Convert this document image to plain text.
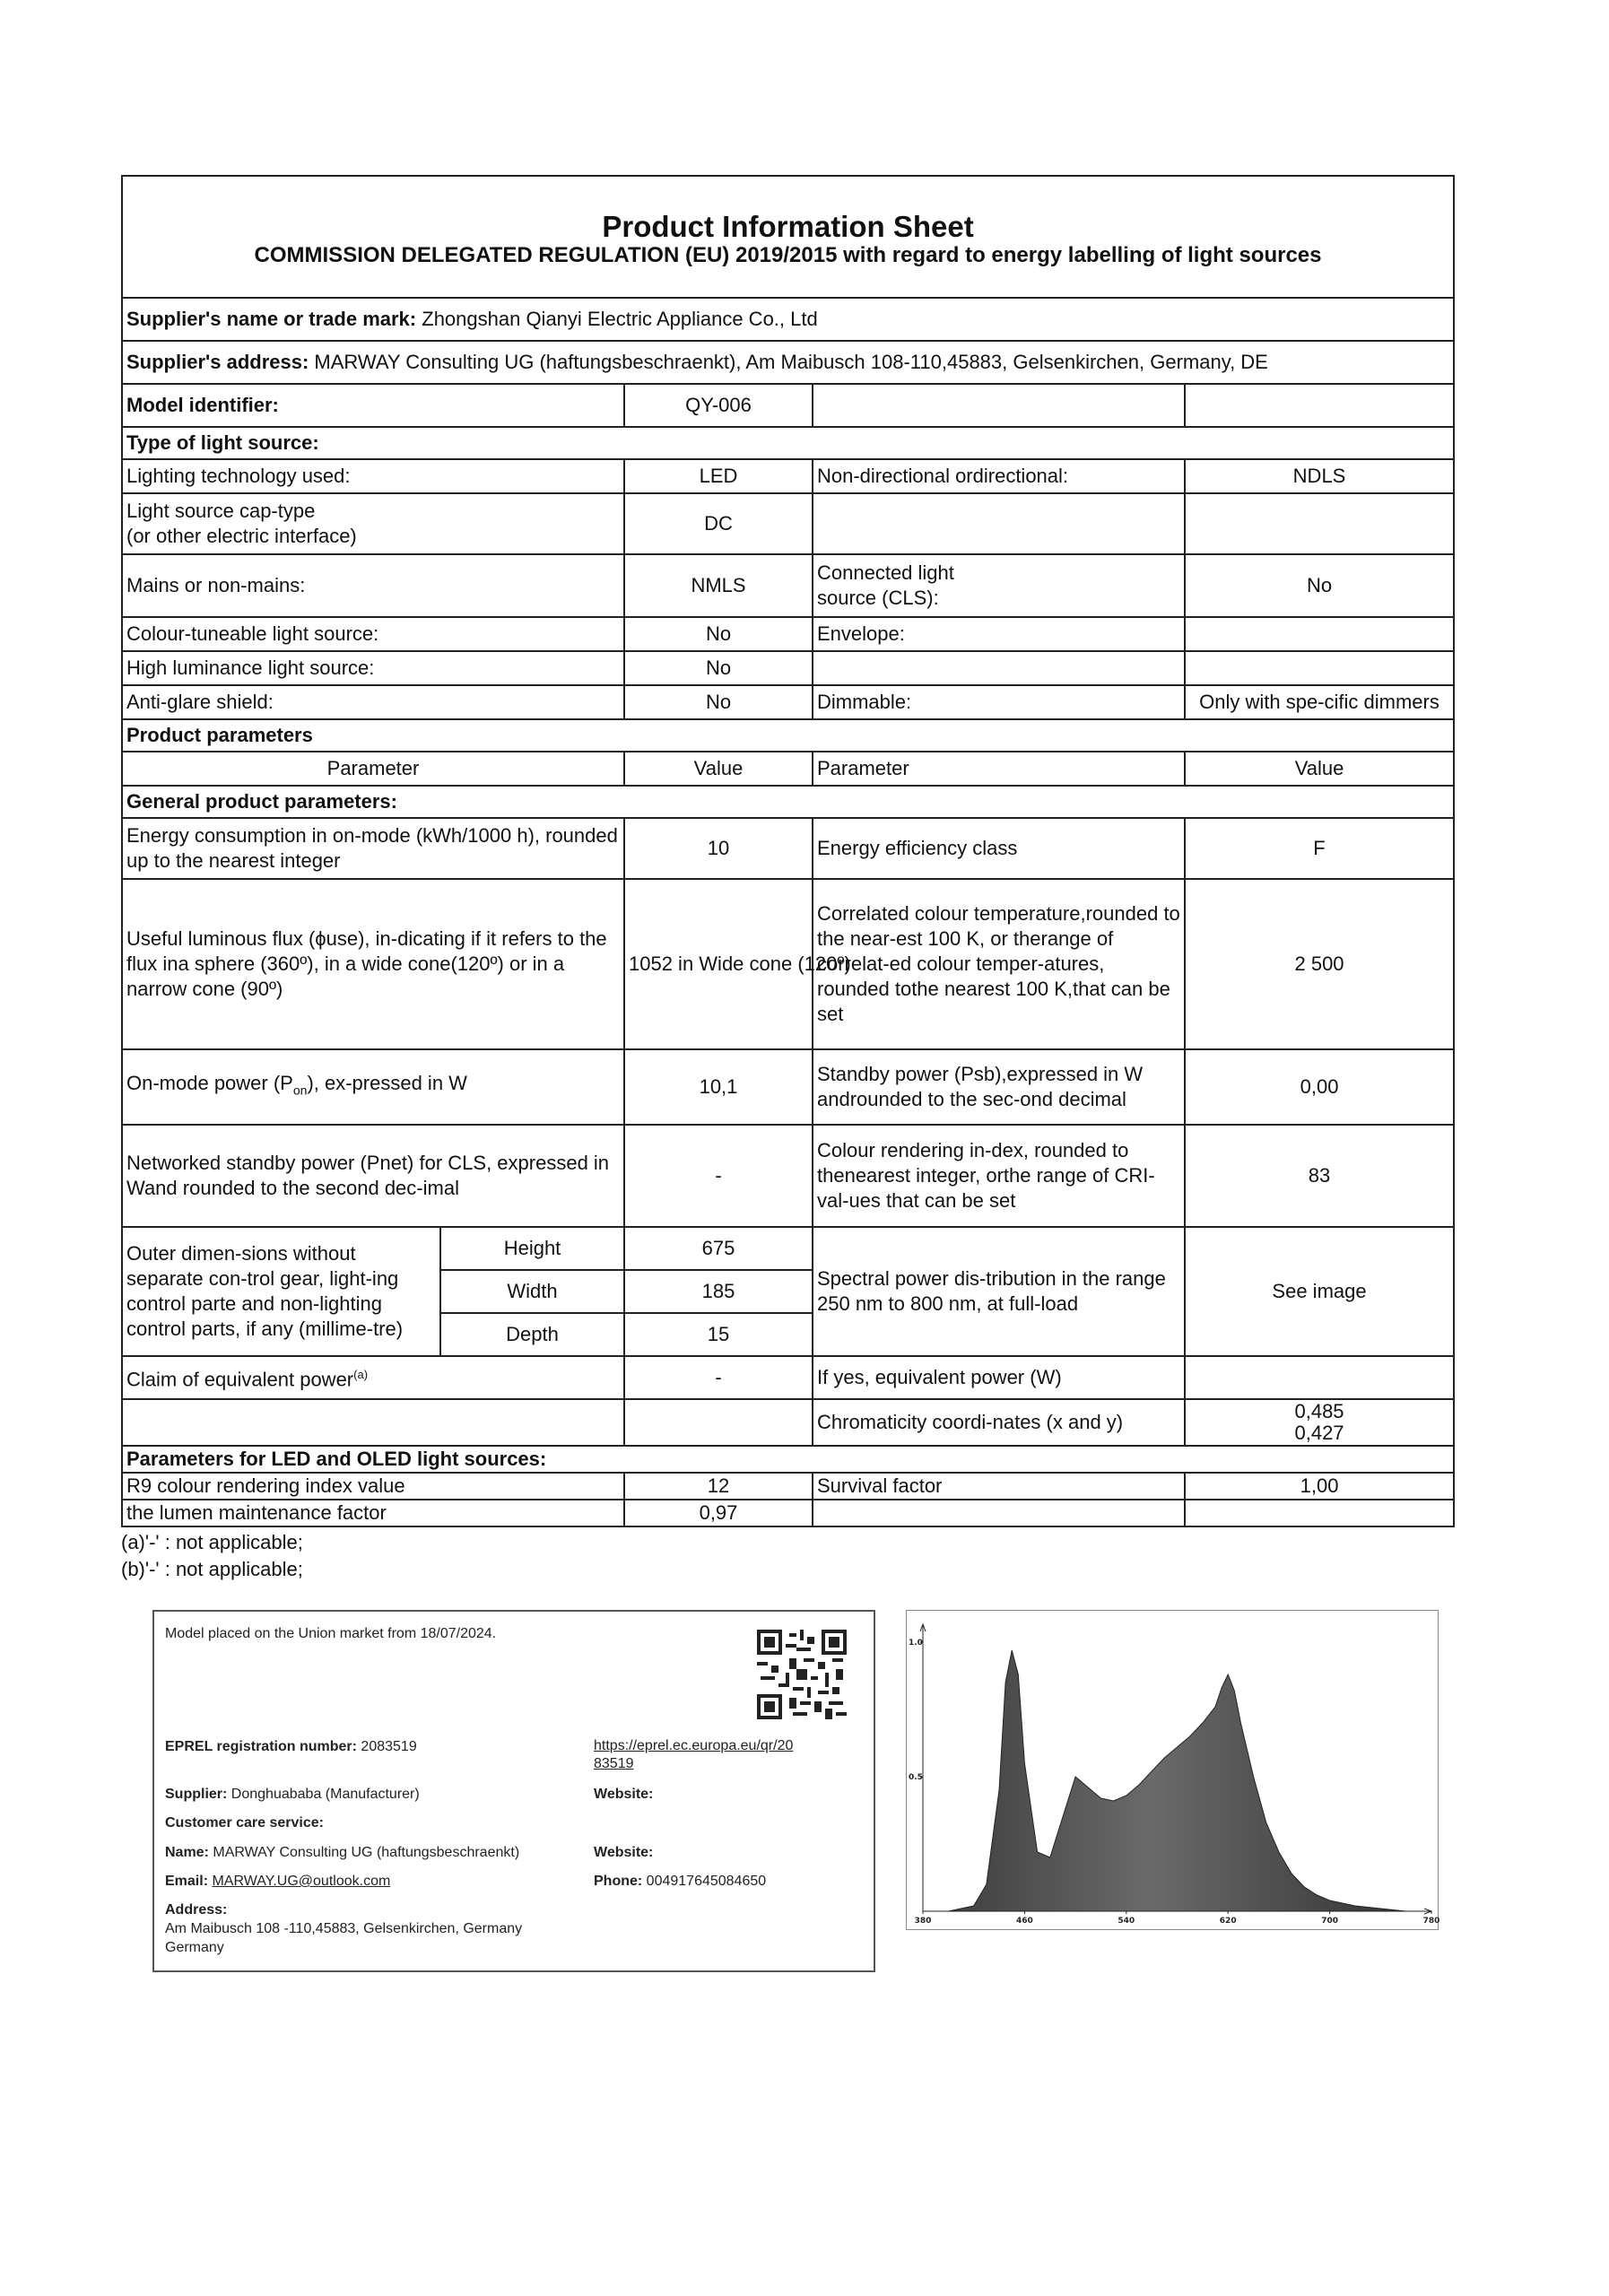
Product Information Sheet
COMMISSION DELEGATED REGULATION (EU) 2019/2015 with regard to energy labelling of light sources				

Supplier's name or trade mark: Zhongshan Qianyi Electric Appliance Co., Ltd				
Supplier's address: MARWAY Consulting UG (haftungsbeschraenkt), Am Maibusch 108-110,45883, Gelsenkirchen, Germany, DE				
Model identifier:		QY-006		
Type of light source:				
Lighting technology used:		LED	Non-directional ordirectional:	NDLS

Light source cap-type
(or other electric interface)		DC		
Mains or non-mains:		NMLS	Connected light
source (CLS):	No
Colour-tuneable light source:		No	Envelope:	
High luminance light source:		No		
Anti-glare shield:		No	Dimmable:	Only with spe-cific dimmers
Product parameters				
Parameter		Value	Parameter	Value
General product parameters:				
Energy consumption in on-mode (kWh/1000 h), rounded up to the nearest integer		10	Energy efficiency class	F
Useful luminous flux (ϕuse), in-dicating if it refers to the flux ina sphere (360º), in a wide cone(120º) or in a narrow cone (90º)		1052 in Wide cone (120º)	Correlated colour temperature,rounded to the near-est 100 K, or therange of correlat-ed colour temper-atures, rounded tothe nearest 100 K,that can be set	2 500
On-mode power $(P_{on})$, ex-pressed in W		10,1	Standby power (Psb),expressed in W androunded to the sec-ond decimal	0,00
Networked standby power (Pnet) for CLS, expressed in Wand rounded to the second dec-imal		-	Colour rendering in-dex, rounded to thenearest integer, orthe range of CRI-val-ues that can be set	83
Outer dimen-sions without separate con-trol gear, light-ing control parte and non-lighting control parts, if any (millime-tre)	Height	675	Spectral power dis-tribution in the range 250 nm to 800 nm, at full-load	See image
	Width	185		
	Depth	15		
Claim of equivalent power$^{(a)}$		-	If yes, equivalent power (W)	
			Chromaticity coordi-nates (x and y)	0,485
0,427

Parameters for LED and OLED light sources:				
R9 colour rendering index value		12	Survival factor	1,00
the lumen maintenance factor		0,97		
(a)'-' : not applicable;
(b)'-' : not applicable;
Model placed on the Union market from 18/07/2024.
EPREL registration number: 2083519	https://eprel.ec.europa.eu/qr/20
83519
Supplier: Donghuababa (Manufacturer)	Website:
Customer care service:
Name: MARWAY Consulting UG (haftungsbeschraenkt)	Website:
Email: MARWAY.UG@outlook.com	Phone: 004917645084650
Address:
Am Maibusch 108 -110,45883, Gelsenkirchen, Germany
Germany
380	460	540	620	700	780
1.0
0.5
